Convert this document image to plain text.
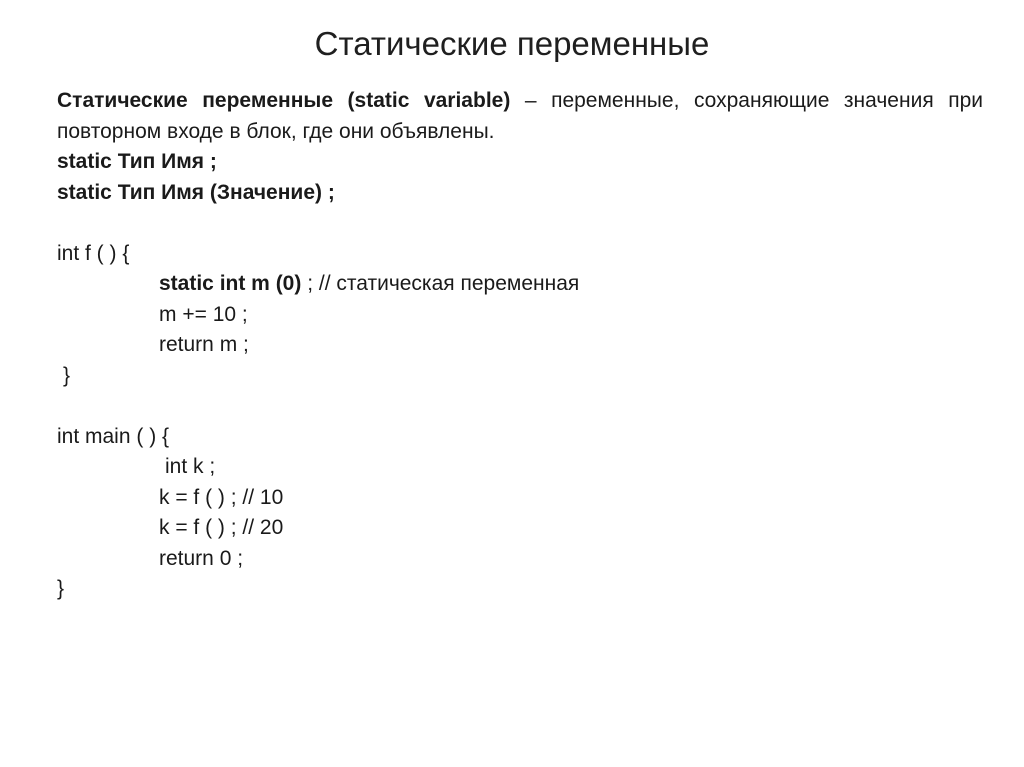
Статические переменные

Статические переменные (static variable) – переменные, сохраняющие значения при повторном входе в блок, где они объявлены.

static Тип Имя ;

static Тип Имя (Значение) ;

int f ( ) {

static int m (0) ; // статическая переменная

m += 10 ;

return m ;

}

int main ( ) {

int k ;

k = f ( ) ; // 10

k = f ( ) ; // 20

return 0 ;

}
